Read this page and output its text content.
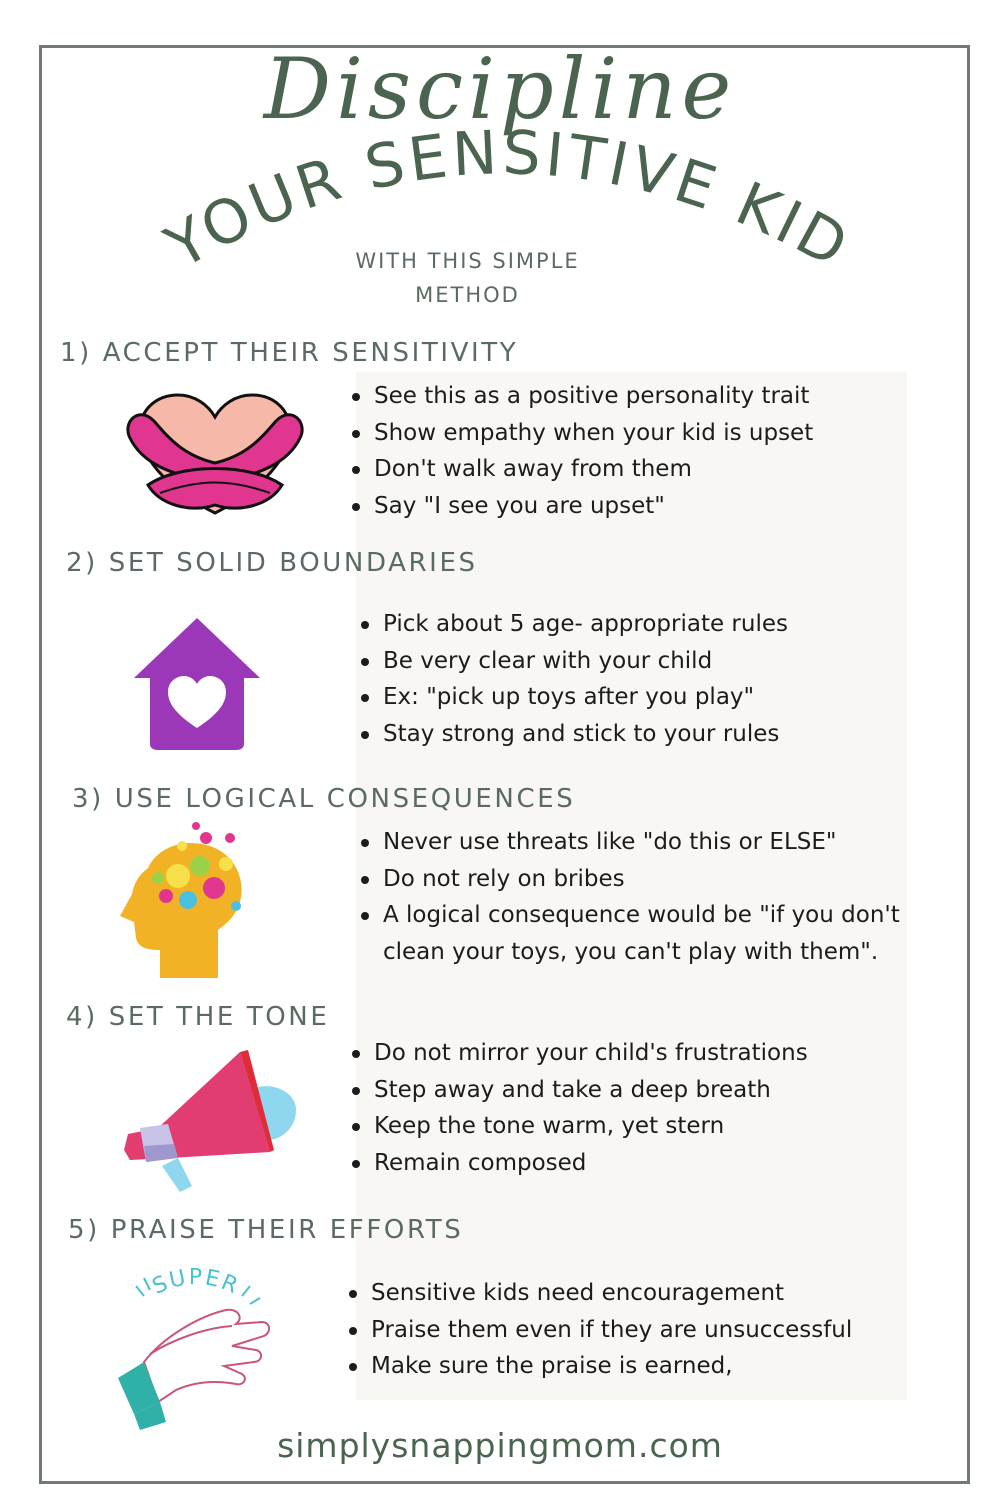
Discipline
YOUR SENSITIVE KID
WITH THIS SIMPLE
METHOD
1) ACCEPT THEIR SENSITIVITY
See this as a positive personality trait
Show empathy when your kid is upset
Don't walk away from them
Say "I see you are upset"
2) SET SOLID BOUNDARIES
Pick about 5 age- appropriate rules
Be very clear with your child
Ex: "pick up toys after you play"
Stay strong and stick to your rules
3) USE LOGICAL CONSEQUENCES
Never use threats like "do this or ELSE"
Do not rely on bribes
A logical consequence would be "if you don't clean your toys, you can't play with them".
4) SET THE TONE
Do not mirror your child's frustrations
Step away and take a deep breath
Keep the tone warm, yet stern
Remain composed
5) PRAISE THEIR EFFORTS
SUPER	Sensitive kids need encouragement
Praise them even if they are unsuccessful
Make sure the praise is earned,
simplysnappingmom.com
